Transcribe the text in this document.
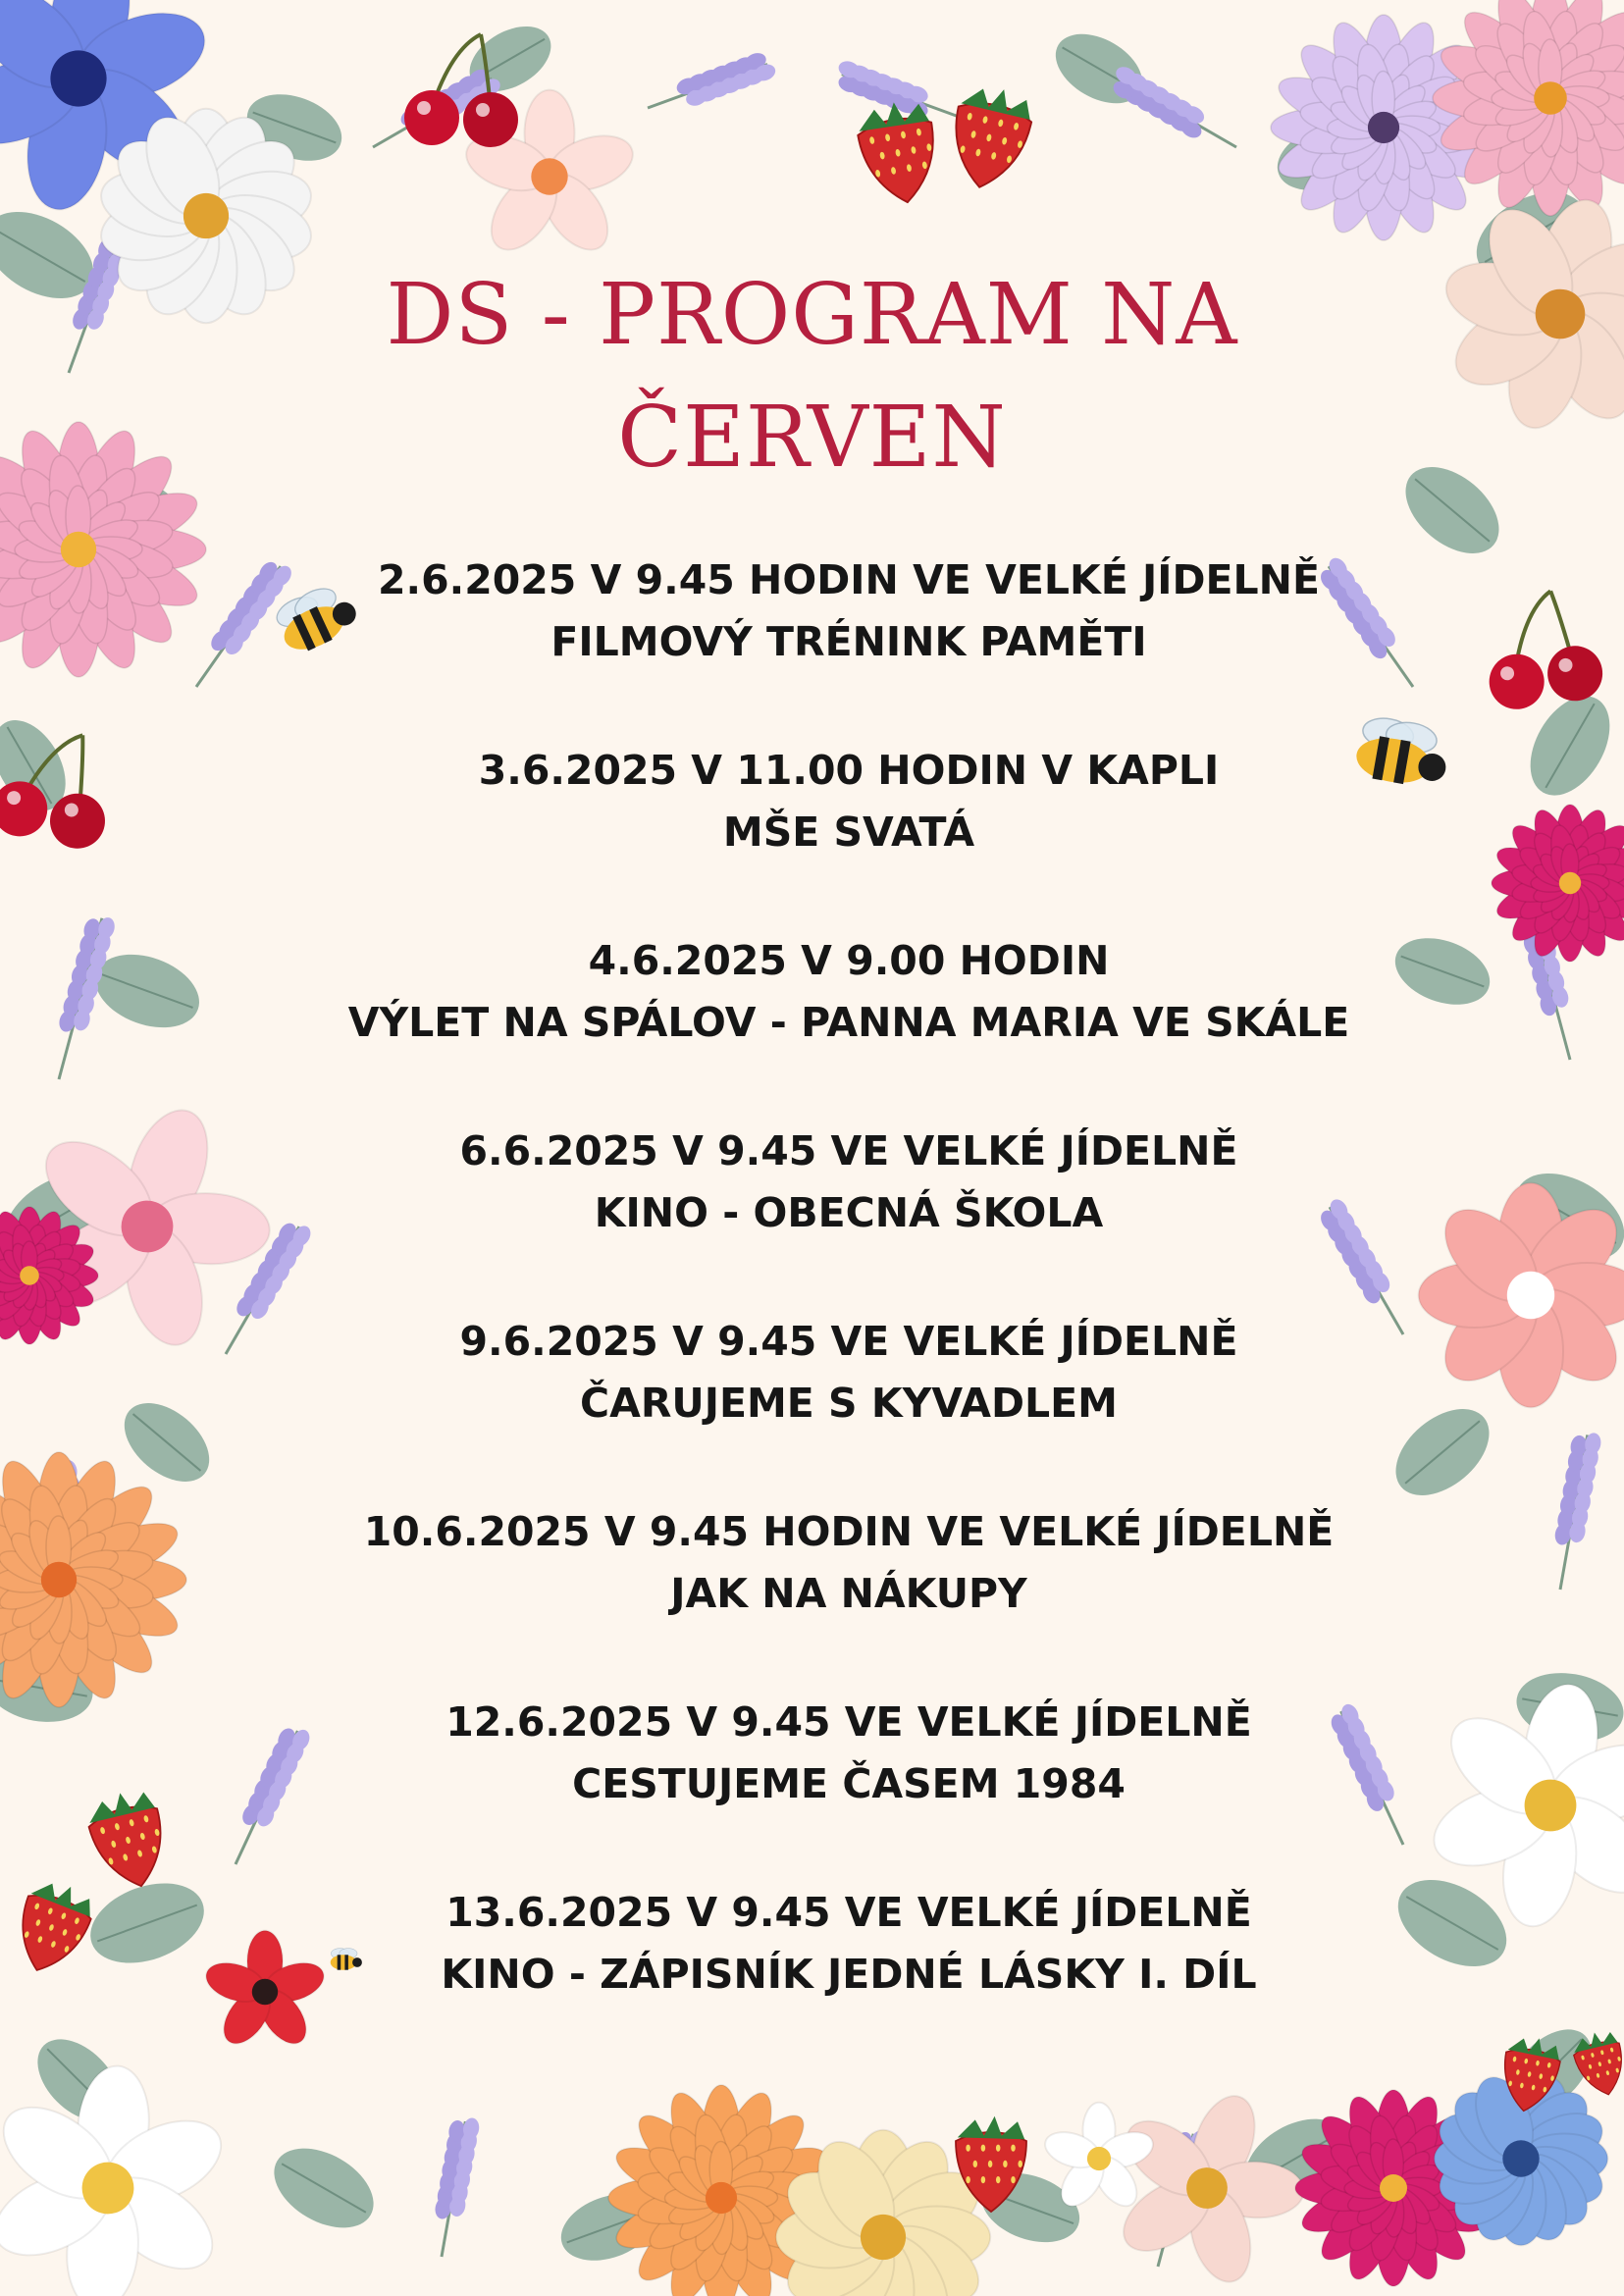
DS - PROGRAM NA
ČERVEN
2.6.2025 V 9.45 HODIN VE VELKÉ JÍDELNĚ
FILMOVÝ TRÉNINK PAMĚTI
3.6.2025 V 11.00 HODIN V KAPLI
MŠE SVATÁ
4.6.2025 V 9.00 HODIN
VÝLET NA SPÁLOV - PANNA MARIA VE SKÁLE
6.6.2025 V 9.45 VE VELKÉ JÍDELNĚ
KINO - OBECNÁ ŠKOLA
9.6.2025 V 9.45 VE VELKÉ JÍDELNĚ
ČARUJEME S KYVADLEM
10.6.2025 V 9.45 HODIN VE VELKÉ JÍDELNĚ
JAK NA NÁKUPY
12.6.2025 V 9.45 VE VELKÉ JÍDELNĚ
CESTUJEME ČASEM 1984
13.6.2025 V 9.45 VE VELKÉ JÍDELNĚ
KINO - ZÁPISNÍK JEDNÉ LÁSKY I. DÍL
